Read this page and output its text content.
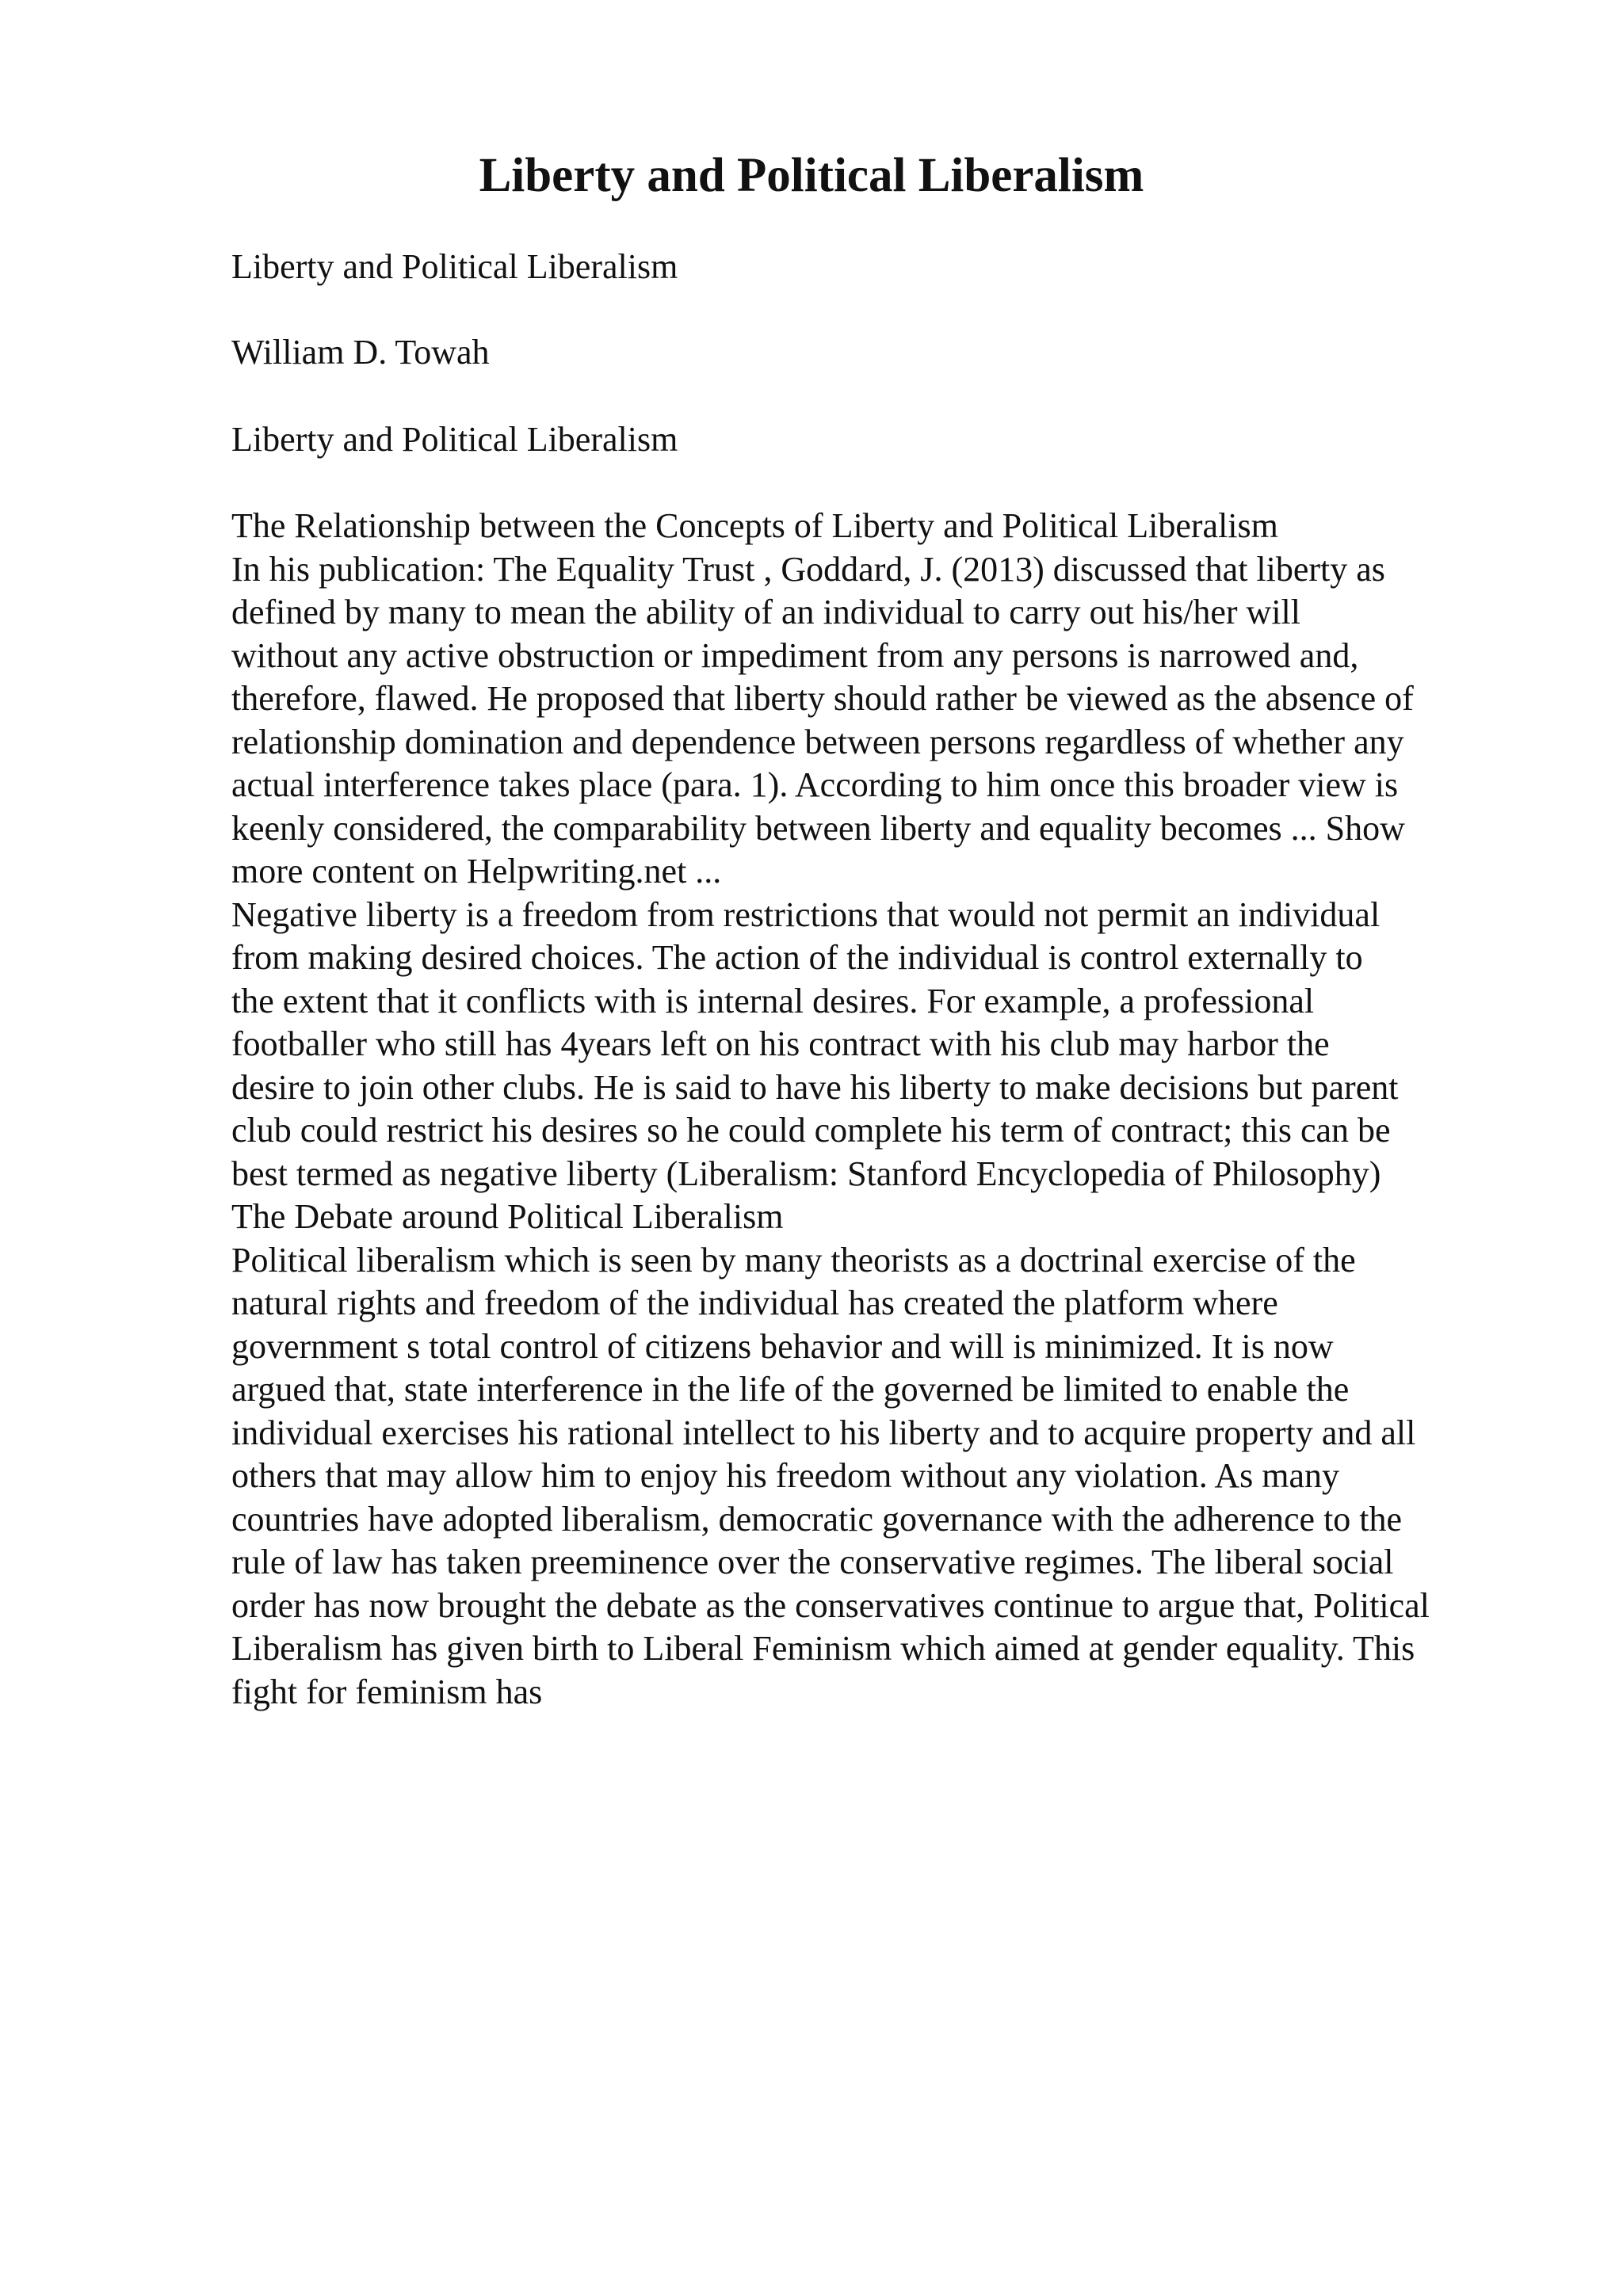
Liberty and Political Liberalism

Liberty and Political Liberalism

William D. Towah

Liberty and Political Liberalism

The Relationship between the Concepts of Liberty and Political Liberalism
In his publication: The Equality Trust , Goddard, J. (2013) discussed that liberty as
defined by many to mean the ability of an individual to carry out his/her will
without any active obstruction or impediment from any persons is narrowed and,
therefore, flawed. He proposed that liberty should rather be viewed as the absence of
relationship domination and dependence between persons regardless of whether any
actual interference takes place (para. 1). According to him once this broader view is
keenly considered, the comparability between liberty and equality becomes ... Show
more content on Helpwriting.net ...
Negative liberty is a freedom from restrictions that would not permit an individual
from making desired choices. The action of the individual is control externally to
the extent that it conflicts with is internal desires. For example, a professional
footballer who still has 4years left on his contract with his club may harbor the
desire to join other clubs. He is said to have his liberty to make decisions but parent
club could restrict his desires so he could complete his term of contract; this can be
best termed as negative liberty (Liberalism: Stanford Encyclopedia of Philosophy)
The Debate around Political Liberalism
Political liberalism which is seen by many theorists as a doctrinal exercise of the
natural rights and freedom of the individual has created the platform where
government s total control of citizens behavior and will is minimized. It is now
argued that, state interference in the life of the governed be limited to enable the
individual exercises his rational intellect to his liberty and to acquire property and all
others that may allow him to enjoy his freedom without any violation. As many
countries have adopted liberalism, democratic governance with the adherence to the
rule of law has taken preeminence over the conservative regimes. The liberal social
order has now brought the debate as the conservatives continue to argue that, Political
Liberalism has given birth to Liberal Feminism which aimed at gender equality. This
fight for feminism has
